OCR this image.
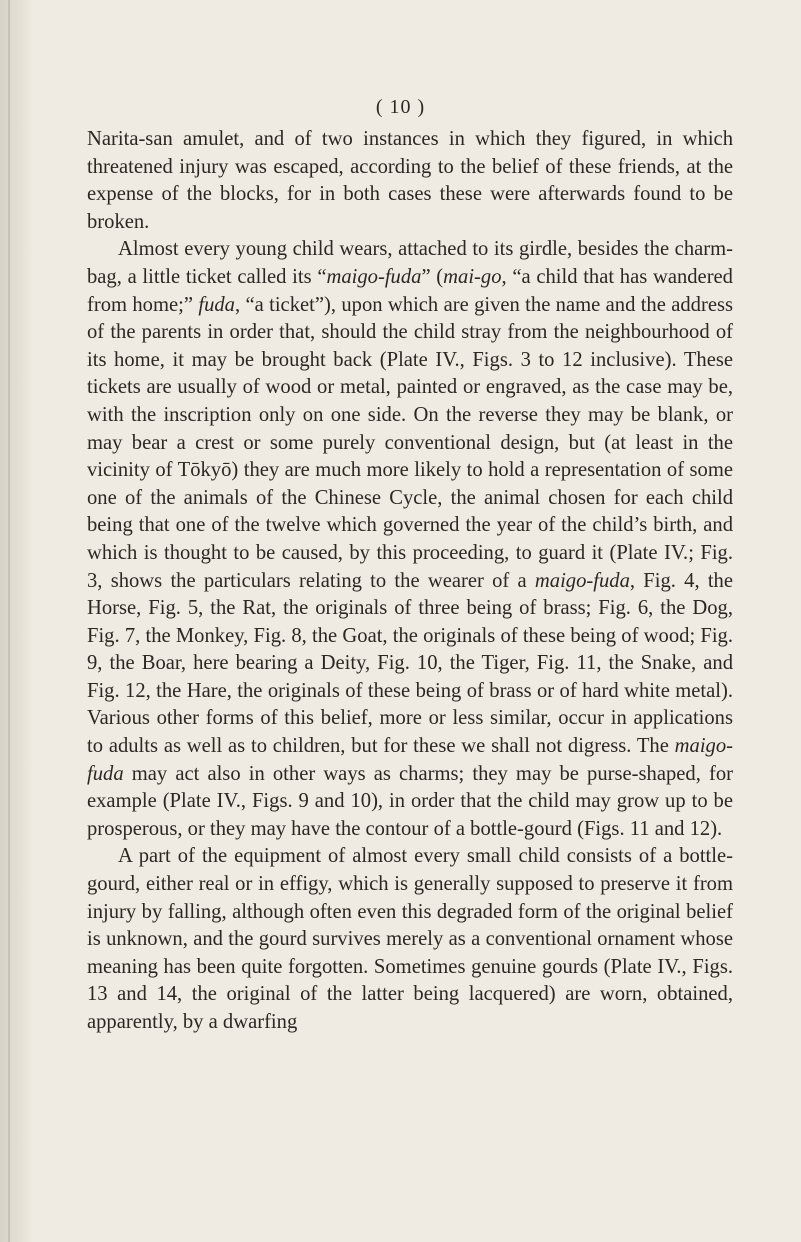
( 10 )

Narita-san amulet, and of two instances in which they figured, in which threatened injury was escaped, according to the belief of these friends, at the expense of the blocks, for in both cases these were afterwards found to be broken.

Almost every young child wears, attached to its girdle, besides the charm-bag, a little ticket called its “maigo-fuda” (mai-go, “a child that has wandered from home;” fuda, “a ticket”), upon which are given the name and the address of the parents in order that, should the child stray from the neighbourhood of its home, it may be brought back (Plate IV., Figs. 3 to 12 inclusive). These tickets are usually of wood or metal, painted or engraved, as the case may be, with the inscription only on one side. On the reverse they may be blank, or may bear a crest or some purely conventional design, but (at least in the vicinity of Tōkyō) they are much more likely to hold a representation of some one of the animals of the Chinese Cycle, the animal chosen for each child being that one of the twelve which governed the year of the child’s birth, and which is thought to be caused, by this proceeding, to guard it (Plate IV.; Fig. 3, shows the particulars relating to the wearer of a maigo-fuda, Fig. 4, the Horse, Fig. 5, the Rat, the originals of three being of brass; Fig. 6, the Dog, Fig. 7, the Monkey, Fig. 8, the Goat, the originals of these being of wood; Fig. 9, the Boar, here bearing a Deity, Fig. 10, the Tiger, Fig. 11, the Snake, and Fig. 12, the Hare, the originals of these being of brass or of hard white metal). Various other forms of this belief, more or less similar, occur in applications to adults as well as to children, but for these we shall not digress. The maigo-fuda may act also in other ways as charms; they may be purse-shaped, for example (Plate IV., Figs. 9 and 10), in order that the child may grow up to be prosperous, or they may have the contour of a bottle-gourd (Figs. 11 and 12).

A part of the equipment of almost every small child consists of a bottle-gourd, either real or in effigy, which is generally supposed to preserve it from injury by falling, although often even this degraded form of the original belief is unknown, and the gourd survives merely as a conventional ornament whose meaning has been quite forgotten. Sometimes genuine gourds (Plate IV., Figs. 13 and 14, the original of the latter being lacquered) are worn, obtained, apparently, by a dwarfing
